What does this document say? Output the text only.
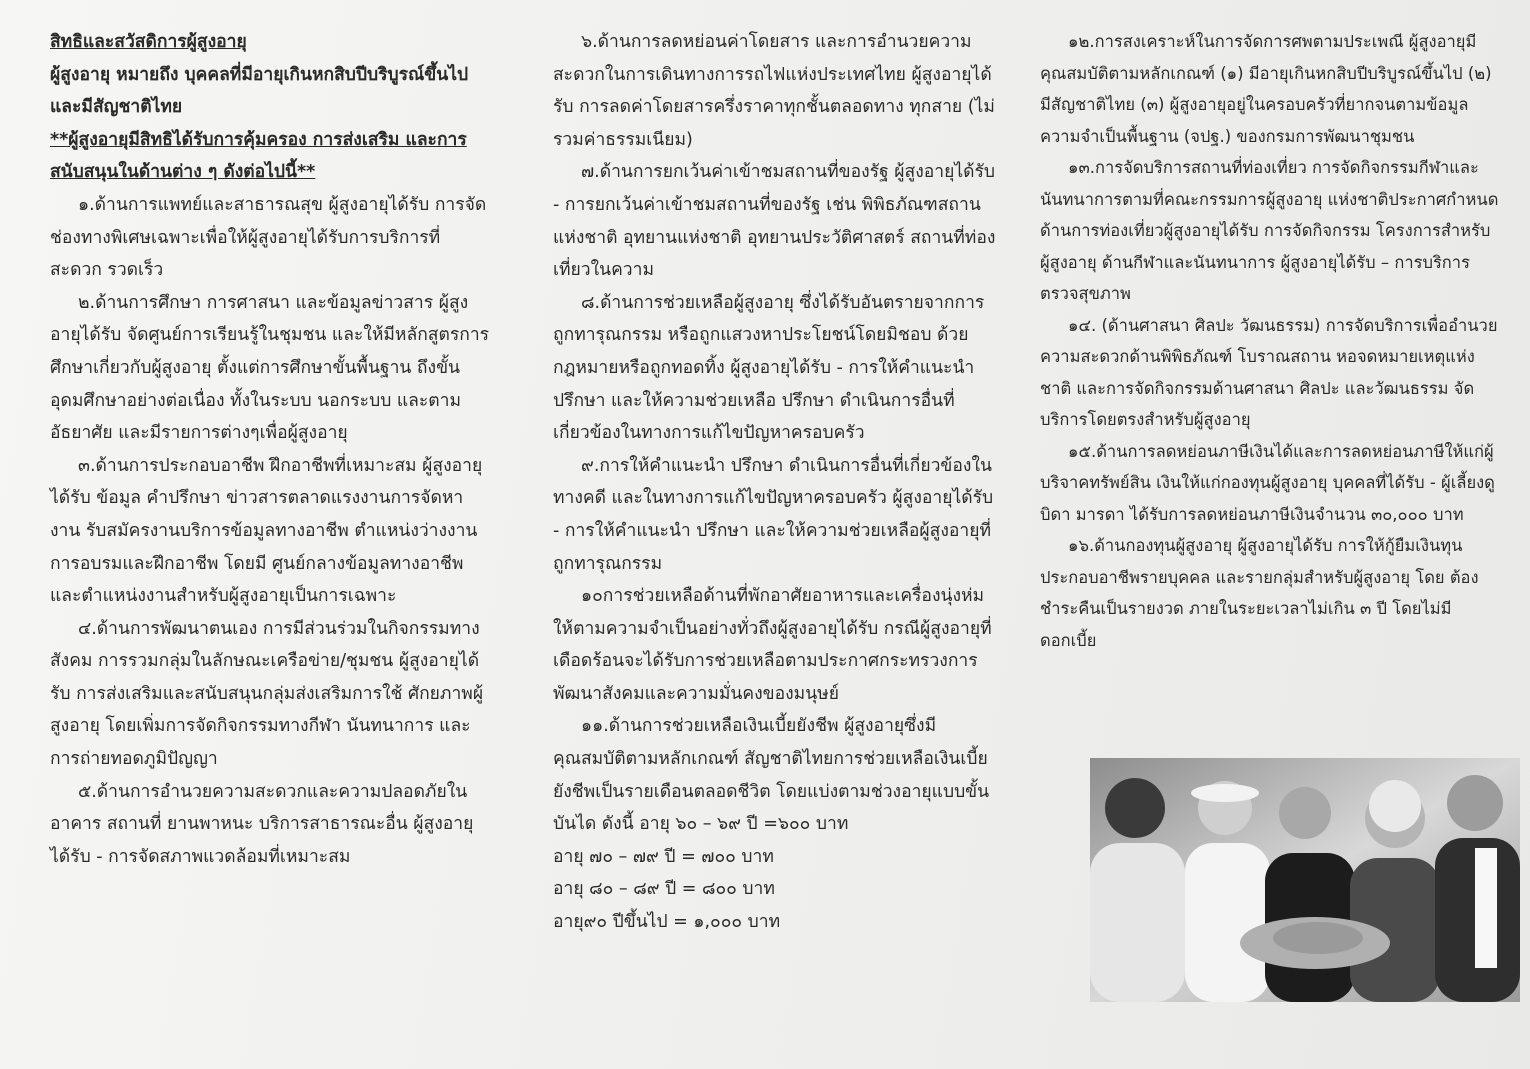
สิทธิและสวัสดิการผู้สูงอายุ

ผู้สูงอายุ หมายถึง บุคคลที่มีอายุเกินหกสิบปีบริบูรณ์ขึ้นไปและมีสัญชาติไทย

**ผู้สูงอายุมีสิทธิได้รับการคุ้มครอง การส่งเสริม และการสนับสนุนในด้านต่าง ๆ ดังต่อไปนี้**

๑.ด้านการแพทย์และสาธารณสุข ผู้สูงอายุได้รับ การจัดช่องทางพิเศษเฉพาะเพื่อให้ผู้สูงอายุได้รับการบริการที่สะดวก รวดเร็ว

๒.ด้านการศึกษา การศาสนา และข้อมูลข่าวสาร ผู้สูงอายุได้รับ จัดศูนย์การเรียนรู้ในชุมชน และให้มีหลักสูตรการศึกษาเกี่ยวกับผู้สูงอายุ ตั้งแต่การศึกษาขั้นพื้นฐาน ถึงขั้นอุดมศึกษาอย่างต่อเนื่อง ทั้งในระบบ นอกระบบ และตามอัธยาศัย และมีรายการต่างๆเพื่อผู้สูงอายุ

๓.ด้านการประกอบอาชีพ ฝึกอาชีพที่เหมาะสม ผู้สูงอายุได้รับ ข้อมูล คำปรึกษา ข่าวสารตลาดแรงงานการจัดหางาน รับสมัครงานบริการข้อมูลทางอาชีพ ตำแหน่งว่างงาน การอบรมและฝึกอาชีพ โดยมี ศูนย์กลางข้อมูลทางอาชีพและตำแหน่งงานสำหรับผู้สูงอายุเป็นการเฉพาะ

๔.ด้านการพัฒนาตนเอง การมีส่วนร่วมในกิจกรรมทางสังคม การรวมกลุ่มในลักษณะเครือข่าย/ชุมชน ผู้สูงอายุได้รับ การส่งเสริมและสนับสนุนกลุ่มส่งเสริมการใช้ ศักยภาพผู้สูงอายุ โดยเพิ่มการจัดกิจกรรมทางกีฬา นันทนาการ และการถ่ายทอดภูมิปัญญา

๕.ด้านการอำนวยความสะดวกและความปลอดภัยในอาคาร สถานที่ ยานพาหนะ บริการสาธารณะอื่น ผู้สูงอายุได้รับ - การจัดสภาพแวดล้อมที่เหมาะสม

๖.ด้านการลดหย่อนค่าโดยสาร และการอำนวยความสะดวกในการเดินทางการรถไฟแห่งประเทศไทย ผู้สูงอายุได้รับ การลดค่าโดยสารครึ่งราคาทุกชั้นตลอดทาง ทุกสาย (ไม่รวมค่าธรรมเนียม)

๗.ด้านการยกเว้นค่าเข้าชมสถานที่ของรัฐ ผู้สูงอายุได้รับ - การยกเว้นค่าเข้าชมสถานที่ของรัฐ เช่น พิพิธภัณฑสถานแห่งชาติ อุทยานแห่งชาติ อุทยานประวัติศาสตร์ สถานที่ท่องเที่ยวในความ

๘.ด้านการช่วยเหลือผู้สูงอายุ ซึ่งได้รับอันตรายจากการถูกทารุณกรรม หรือถูกแสวงหาประโยชน์โดยมิชอบ ด้วยกฎหมายหรือถูกทอดทิ้ง ผู้สูงอายุได้รับ - การให้คำแนะนำปรึกษา และให้ความช่วยเหลือ ปรึกษา ดำเนินการอื่นที่เกี่ยวข้องในทางการแก้ไขปัญหาครอบครัว

๙.การให้คำแนะนำ ปรึกษา ดำเนินการอื่นที่เกี่ยวข้องในทางคดี และในทางการแก้ไขปัญหาครอบครัว ผู้สูงอายุได้รับ - การให้คำแนะนำ ปรึกษา และให้ความช่วยเหลือผู้สูงอายุที่ถูกทารุณกรรม

๑๐การช่วยเหลือด้านที่พักอาศัยอาหารและเครื่องนุ่งห่มให้ตามความจำเป็นอย่างทั่วถึงผู้สูงอายุได้รับ กรณีผู้สูงอายุที่เดือดร้อนจะได้รับการช่วยเหลือตามประกาศกระทรวงการ พัฒนาสังคมและความมั่นคงของมนุษย์

๑๑.ด้านการช่วยเหลือเงินเบี้ยยังชีพ ผู้สูงอายุซึ่งมีคุณสมบัติตามหลักเกณฑ์ สัญชาติไทยการช่วยเหลือเงินเบี้ยยังชีพเป็นรายเดือนตลอดชีวิต โดยแบ่งตามช่วงอายุแบบขั้นบันได ดังนี้ อายุ ๖๐ – ๖๙ ปี =๖๐๐ บาท

อายุ ๗๐ – ๗๙ ปี = ๗๐๐ บาท

อายุ ๘๐ – ๘๙ ปี = ๘๐๐ บาท

อายุ๙๐ ปีขึ้นไป = ๑,๐๐๐ บาท

๑๒.การสงเคราะห์ในการจัดการศพตามประเพณี ผู้สูงอายุมีคุณสมบัติตามหลักเกณฑ์ (๑) มีอายุเกินหกสิบปีบริบูรณ์ขึ้นไป (๒) มีสัญชาติไทย (๓) ผู้สูงอายุอยู่ในครอบครัวที่ยากจนตามข้อมูลความจำเป็นพื้นฐาน (จปฐ.) ของกรมการพัฒนาชุมชน

๑๓.การจัดบริการสถานที่ท่องเที่ยว การจัดกิจกรรมกีฬาและนันทนาการตามที่คณะกรรมการผู้สูงอายุ แห่งชาติประกาศกำหนด ด้านการท่องเที่ยวผู้สูงอายุได้รับ การจัดกิจกรรม โครงการสำหรับผู้สูงอายุ ด้านกีฬาและนันทนาการ ผู้สูงอายุได้รับ – การบริการตรวจสุขภาพ

๑๔. (ด้านศาสนา ศิลปะ วัฒนธรรม) การจัดบริการเพื่ออำนวยความสะดวกด้านพิพิธภัณฑ์ โบราณสถาน หอจดหมายเหตุแห่งชาติ และการจัดกิจกรรมด้านศาสนา ศิลปะ และวัฒนธรรม จัดบริการโดยตรงสำหรับผู้สูงอายุ

๑๕.ด้านการลดหย่อนภาษีเงินได้และการลดหย่อนภาษีให้แก่ผู้บริจาคทรัพย์สิน เงินให้แก่กองทุนผู้สูงอายุ บุคคลที่ได้รับ - ผู้เลี้ยงดูบิดา มารดา ได้รับการลดหย่อนภาษีเงินจำนวน ๓๐,๐๐๐ บาท

๑๖.ด้านกองทุนผู้สูงอายุ ผู้สูงอายุได้รับ การให้กู้ยืมเงินทุนประกอบอาชีพรายบุคคล และรายกลุ่มสำหรับผู้สูงอายุ โดย ต้องชำระคืนเป็นรายงวด ภายในระยะเวลาไม่เกิน ๓ ปี โดยไม่มีดอกเบี้ย
